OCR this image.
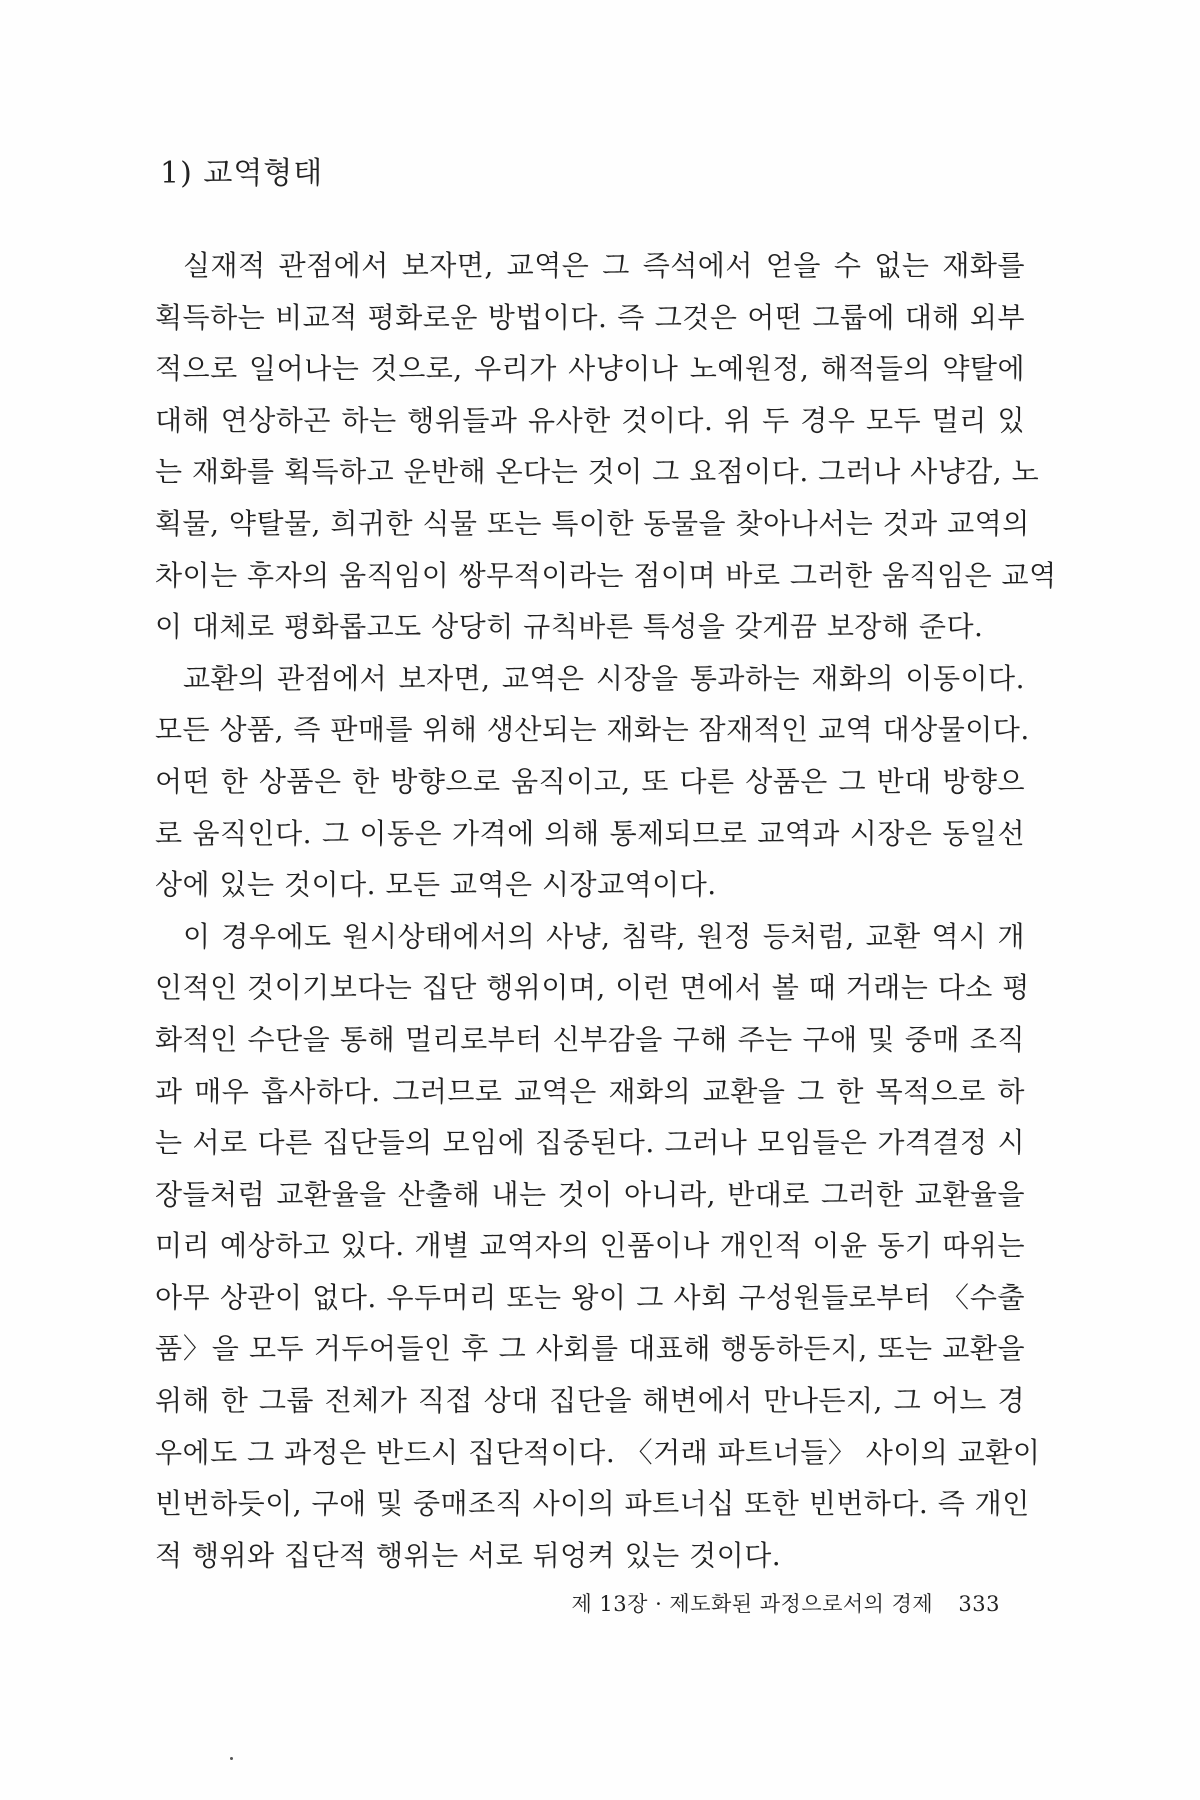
1) 교역형태
실재적 관점에서 보자면, 교역은 그 즉석에서 얻을 수 없는 재화를
획득하는 비교적 평화로운 방법이다. 즉 그것은 어떤 그룹에 대해 외부
적으로 일어나는 것으로, 우리가 사냥이나 노예원정, 해적들의 약탈에
대해 연상하곤 하는 행위들과 유사한 것이다. 위 두 경우 모두 멀리 있
는 재화를 획득하고 운반해 온다는 것이 그 요점이다. 그러나 사냥감, 노
획물, 약탈물, 희귀한 식물 또는 특이한 동물을 찾아나서는 것과 교역의
차이는 후자의 움직임이 쌍무적이라는 점이며 바로 그러한 움직임은 교역
이 대체로 평화롭고도 상당히 규칙바른 특성을 갖게끔 보장해 준다.
교환의 관점에서 보자면, 교역은 시장을 통과하는 재화의 이동이다.
모든 상품, 즉 판매를 위해 생산되는 재화는 잠재적인 교역 대상물이다.
어떤 한 상품은 한 방향으로 움직이고, 또 다른 상품은 그 반대 방향으
로 움직인다. 그 이동은 가격에 의해 통제되므로 교역과 시장은 동일선
상에 있는 것이다. 모든 교역은 시장교역이다.
이 경우에도 원시상태에서의 사냥, 침략, 원정 등처럼, 교환 역시 개
인적인 것이기보다는 집단 행위이며, 이런 면에서 볼 때 거래는 다소 평
화적인 수단을 통해 멀리로부터 신부감을 구해 주는 구애 및 중매 조직
과 매우 흡사하다. 그러므로 교역은 재화의 교환을 그 한 목적으로 하
는 서로 다른 집단들의 모임에 집중된다. 그러나 모임들은 가격결정 시
장들처럼 교환율을 산출해 내는 것이 아니라, 반대로 그러한 교환율을
미리 예상하고 있다. 개별 교역자의 인품이나 개인적 이윤 동기 따위는
아무 상관이 없다. 우두머리 또는 왕이 그 사회 구성원들로부터 〈수출
품〉을 모두 거두어들인 후 그 사회를 대표해 행동하든지, 또는 교환을
위해 한 그룹 전체가 직접 상대 집단을 해변에서 만나든지, 그 어느 경
우에도 그 과정은 반드시 집단적이다. 〈거래 파트너들〉 사이의 교환이
빈번하듯이, 구애 및 중매조직 사이의 파트너십 또한 빈번하다. 즉 개인
적 행위와 집단적 행위는 서로 뒤엉켜 있는 것이다.
제 13장 · 제도화된 과정으로서의 경제 333
